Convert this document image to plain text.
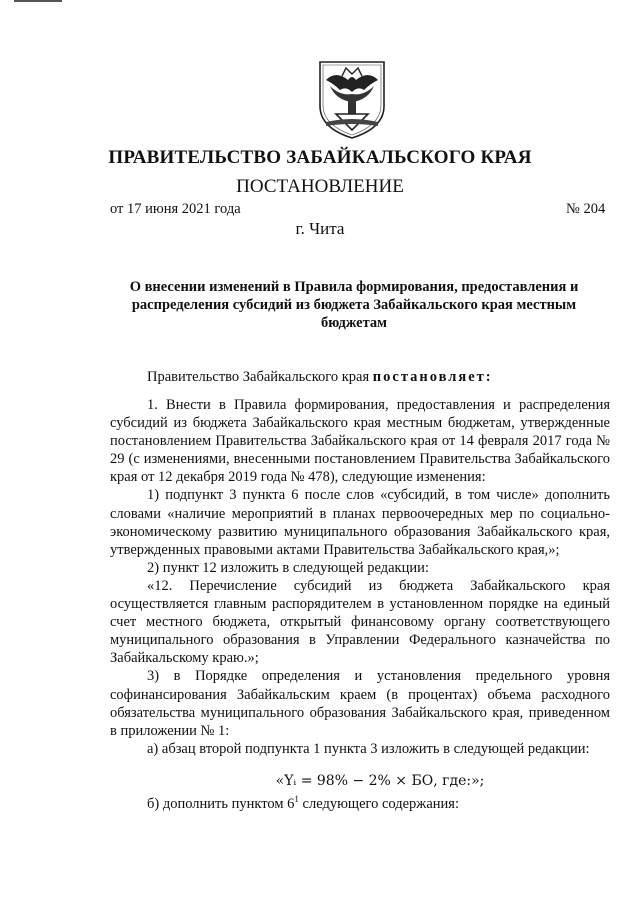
ПРАВИТЕЛЬСТВО ЗАБАЙКАЛЬСКОГО КРАЯ
ПОСТАНОВЛЕНИЕ
от 17 июня 2021 года	№ 204
г. Чита
О внесении изменений в Правила формирования, предоставления и распределения субсидий из бюджета Забайкальского края местным бюджетам
Правительство Забайкальского края постановляет:

1. Внести в Правила формирования, предоставления и распределения субсидий из бюджета Забайкальского края местным бюджетам, утвержденные постановлением Правительства Забайкальского края от 14 февраля 2017 года № 29 (с изменениями, внесенными постановлением Правительства Забайкальского края от 12 декабря 2019 года № 478), следующие изменения:

1) подпункт 3 пункта 6 после слов «субсидий, в том числе» дополнить словами «наличие мероприятий в планах первоочередных мер по социально-экономическому развитию муниципального образования Забайкальского края, утвержденных правовыми актами Правительства Забайкальского края,»;

2) пункт 12 изложить в следующей редакции:

«12. Перечисление субсидий из бюджета Забайкальского края осуществляется главным распорядителем в установленном порядке на единый счет местного бюджета, открытый финансовому органу соответствующего муниципального образования в Управлении Федерального казначейства по Забайкальскому краю.»;

3) в Порядке определения и установления предельного уровня софинансирования Забайкальским краем (в процентах) объема расходного обязательства муниципального образования Забайкальского края, приведенном в приложении № 1:

а) абзац второй подпункта 1 пункта 3 изложить в следующей редакции:

«Yᵢ = 98% − 2% × БО, где:»;

б) дополнить пунктом $6^1$ следующего содержания:
